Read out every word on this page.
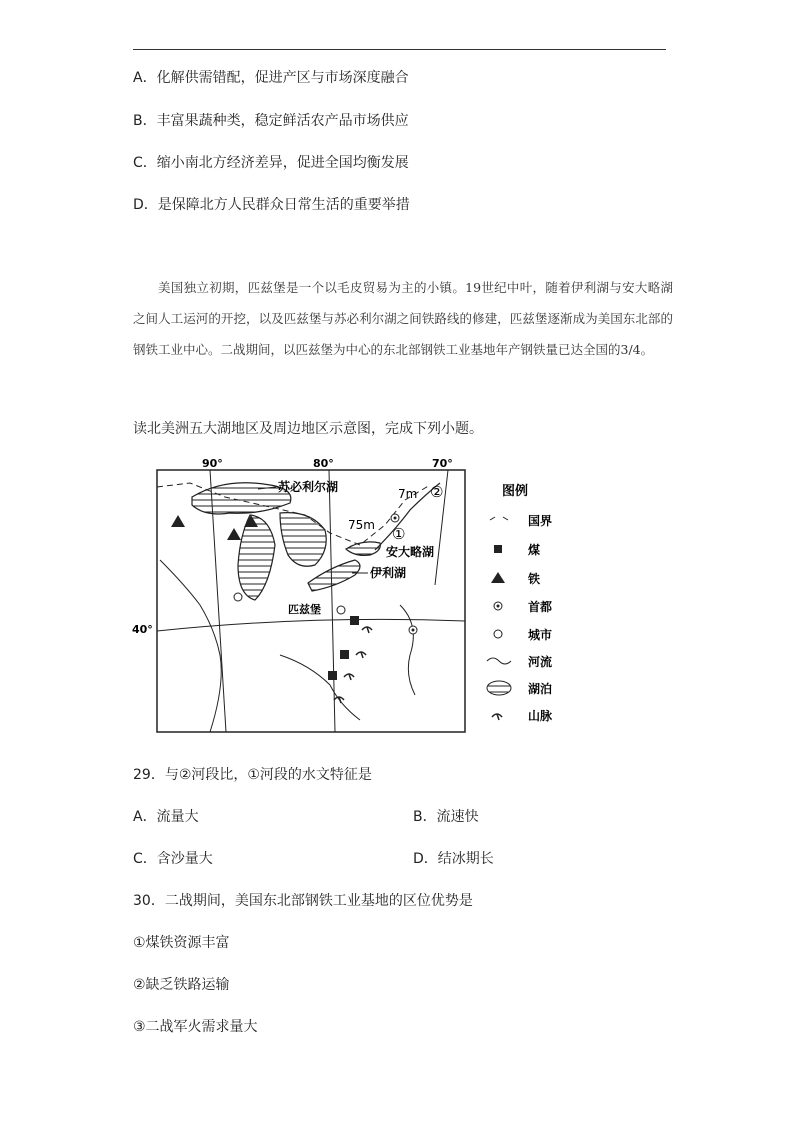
A．化解供需错配，促进产区与市场深度融合
B．丰富果蔬种类，稳定鲜活农产品市场供应
C．缩小南北方经济差异，促进全国均衡发展
D．是保障北方人民群众日常生活的重要举措

美国独立初期，匹兹堡是一个以毛皮贸易为主的小镇。19世纪中叶，随着伊利湖与安大略湖之间人工运河的开挖，以及匹兹堡与苏必利尔湖之间铁路线的修建，匹兹堡逐渐成为美国东北部的钢铁工业中心。二战期间，以匹兹堡为中心的东北部钢铁工业基地年产钢铁量已达全国的3/4。

读北美洲五大湖地区及周边地区示意图，完成下列小题。
90°	80°	70°
40°
苏必利尔湖
安大略湖
伊利湖
匹兹堡
7m
75m
②
①
图例
国界
煤
铁
首都
城市
河流
湖泊
山脉
29．与②河段比，①河段的水文特征是
A．流量大	B．流速快
C．含沙量大	D．结冰期长
30．二战期间，美国东北部钢铁工业基地的区位优势是
①煤铁资源丰富
②缺乏铁路运输
③二战军火需求量大
